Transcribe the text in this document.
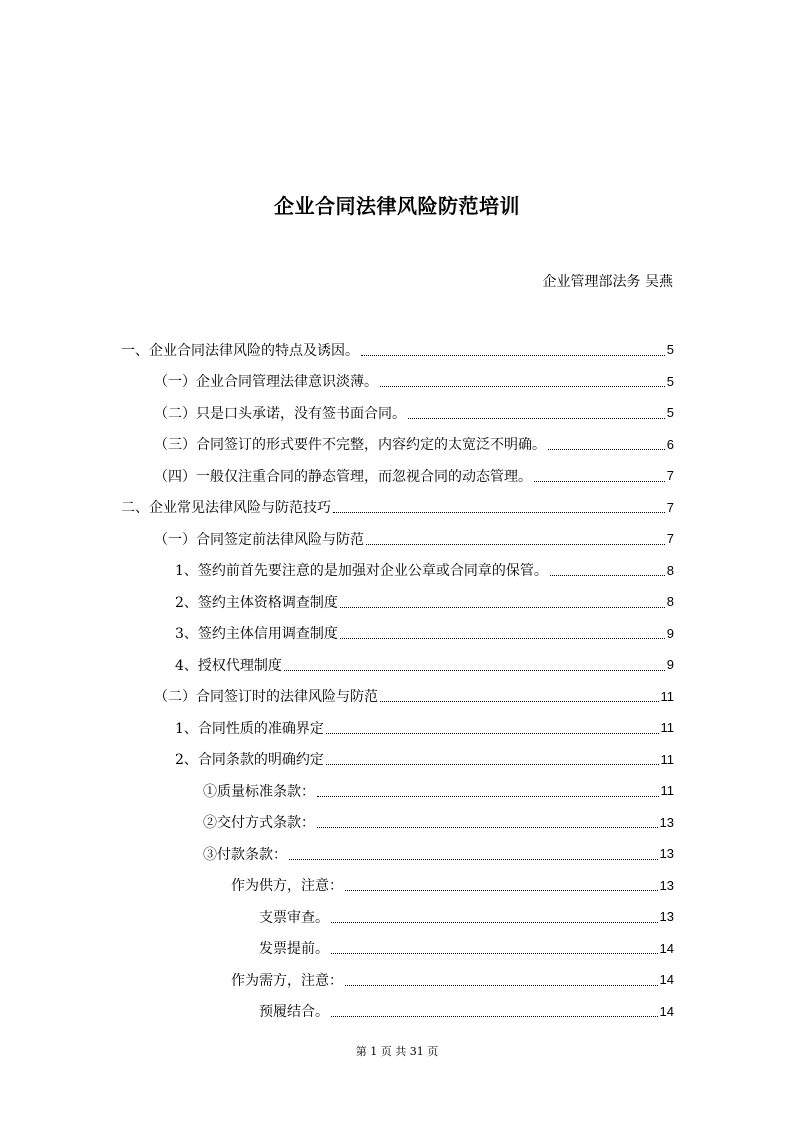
企业合同法律风险防范培训
企业管理部法务 吴燕
一、企业合同法律风险的特点及诱因。	5
（一）企业合同管理法律意识淡薄。	5
（二）只是口头承诺，没有签书面合同。	5
（三）合同签订的形式要件不完整，内容约定的太宽泛不明确。	6
（四）一般仅注重合同的静态管理，而忽视合同的动态管理。	7
二、企业常见法律风险与防范技巧	7
（一）合同签定前法律风险与防范	7
1、签约前首先要注意的是加强对企业公章或合同章的保管。	8
2、签约主体资格调查制度	8
3、签约主体信用调查制度	9
4、授权代理制度	9
（二）合同签订时的法律风险与防范	11
1、合同性质的准确界定	11
2、合同条款的明确约定	11
①质量标准条款：	11
②交付方式条款：	13
③付款条款：	13
作为供方，注意：	13
支票审查。	13
发票提前。	14
作为需方，注意：	14
预履结合。	14
第 1 页 共 31 页
